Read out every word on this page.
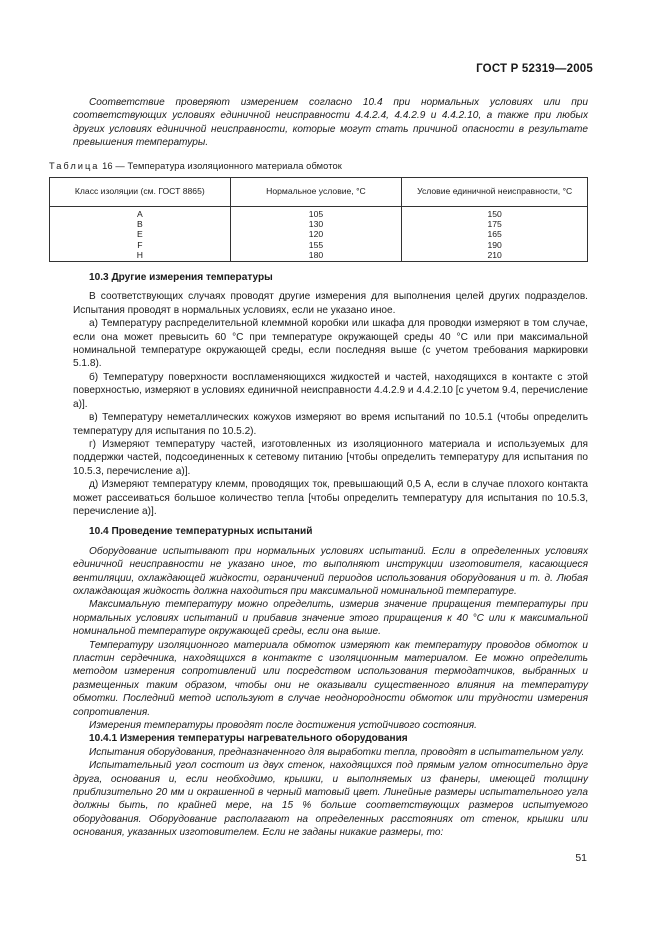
ГОСТ Р 52319—2005

Соответствие проверяют измерением согласно 10.4 при нормальных условиях или при соответствующих условиях единичной неисправности 4.4.2.4, 4.4.2.9 и 4.4.2.10, а также при любых других условиях единичной неисправности, которые могут стать причиной опасности в результате превышения температуры.

Таблица 16 — Температура изоляционного материала обмоток
Класс изоляции (см. ГОСТ 8865)	Нормальное условие, °С	Условие единичной неисправности, °С
А	105	150
В	130	175
Е	120	165
F	155	190
Н	180	210
10.3 Другие измерения температуры

В соответствующих случаях проводят другие измерения для выполнения целей других подразделов. Испытания проводят в нормальных условиях, если не указано иное.

а) Температуру распределительной клеммной коробки или шкафа для проводки измеряют в том случае, если она может превысить 60 °С при температуре окружающей среды 40 °С или при максимальной номинальной температуре окружающей среды, если последняя выше (с учетом требования маркировки 5.1.8).

б) Температуру поверхности воспламеняющихся жидкостей и частей, находящихся в контакте с этой поверхностью, измеряют в условиях единичной неисправности 4.4.2.9 и 4.4.2.10 [с учетом 9.4, перечисление а)].

в) Температуру неметаллических кожухов измеряют во время испытаний по 10.5.1 (чтобы определить температуру для испытания по 10.5.2).

г) Измеряют температуру частей, изготовленных из изоляционного материала и используемых для поддержки частей, подсоединенных к сетевому питанию [чтобы определить температуру для испытания по 10.5.3, перечисление а)].

д) Измеряют температуру клемм, проводящих ток, превышающий 0,5 А, если в случае плохого контакта может рассеиваться большое количество тепла [чтобы определить температуру для испытания по 10.5.3, перечисление а)].

10.4 Проведение температурных испытаний

Оборудование испытывают при нормальных условиях испытаний. Если в определенных условиях единичной неисправности не указано иное, то выполняют инструкции изготовителя, касающиеся вентиляции, охлаждающей жидкости, ограничений периодов использования оборудования и т. д. Любая охлаждающая жидкость должна находиться при максимальной номинальной температуре.

Максимальную температуру можно определить, измерив значение приращения температуры при нормальных условиях испытаний и прибавив значение этого приращения к 40 °С или к максимальной номинальной температуре окружающей среды, если она выше.

Температуру изоляционного материала обмоток измеряют как температуру проводов обмоток и пластин сердечника, находящихся в контакте с изоляционным материалом. Ее можно определить методом измерения сопротивлений или посредством использования термодатчиков, выбранных и размещенных таким образом, чтобы они не оказывали существенного влияния на температуру обмотки. Последний метод используют в случае неоднородности обмоток или трудности измерения сопротивления.

Измерения температуры проводят после достижения устойчивого состояния.

10.4.1 Измерения температуры нагревательного оборудования

Испытания оборудования, предназначенного для выработки тепла, проводят в испытательном углу.

Испытательный угол состоит из двух стенок, находящихся под прямым углом относительно друг друга, основания и, если необходимо, крышки, и выполняемых из фанеры, имеющей толщину приблизительно 20 мм и окрашенной в черный матовый цвет. Линейные размеры испытательного угла должны быть, по крайней мере, на 15 % больше соответствующих размеров испытуемого оборудования. Оборудование располагают на определенных расстояниях от стенок, крышки или основания, указанных изготовителем. Если не заданы никакие размеры, то:

51
